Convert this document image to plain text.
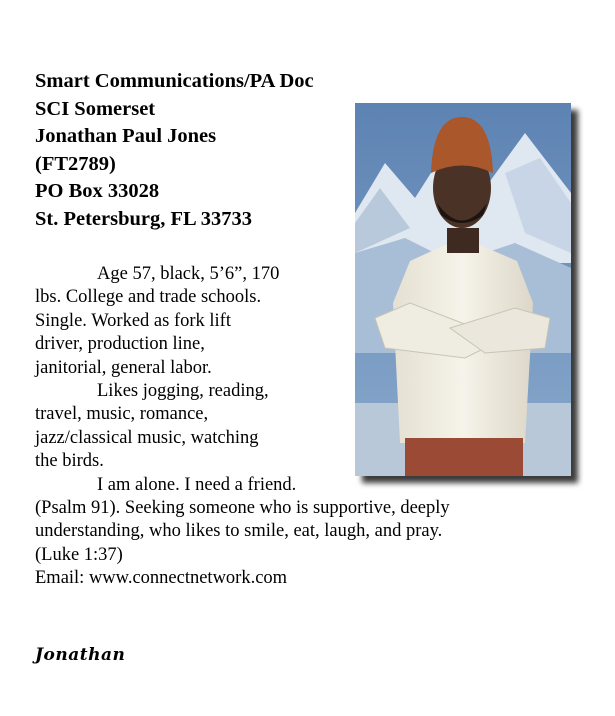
Smart Communications/PA Doc
SCI Somerset
Jonathan Paul Jones
(FT2789)
PO Box 33028
St. Petersburg, FL 33733
Age 57, black, 5’6”, 170
lbs. College and trade schools.
Single. Worked as fork lift
driver, production line,
janitorial, general labor.
Likes jogging, reading,
travel, music, romance,
jazz/classical music, watching
the birds.
I am alone. I need a friend.
(Psalm 91). Seeking someone who is supportive, deeply
understanding, who likes to smile, eat, laugh, and pray.
(Luke 1:37)
Email: www.connectnetwork.com
Jonathan
